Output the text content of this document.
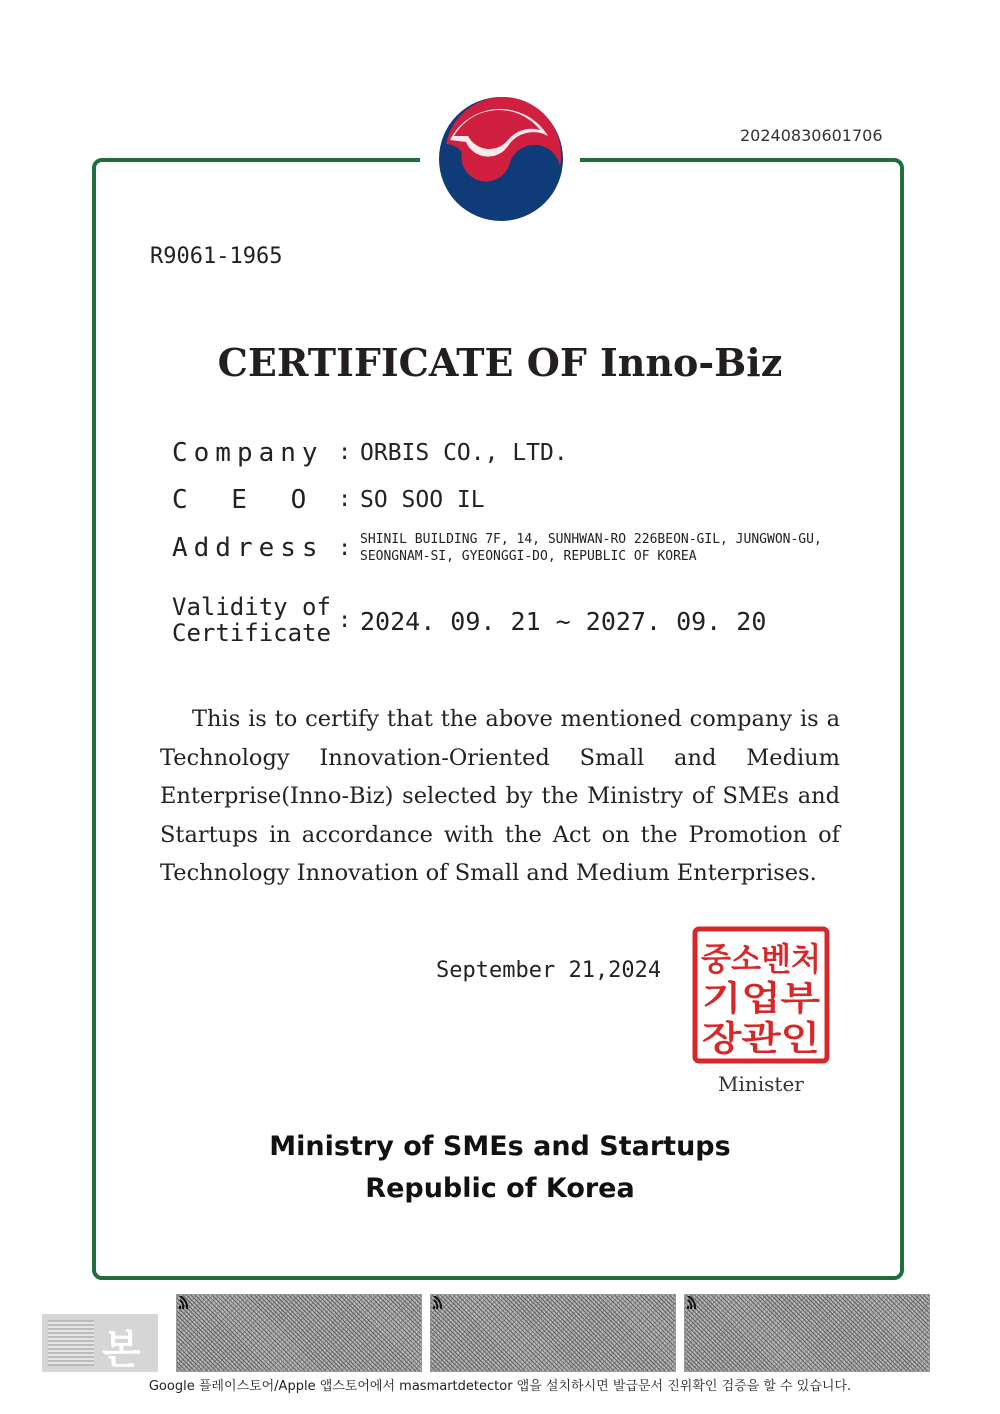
20240830601706
R9061-1965
CERTIFICATE OF Inno-Biz
Company
C E O
Address
Validity of
Certificate
:
:
:
:
ORBIS CO., LTD.
SO SOO IL
SHINIL BUILDING 7F, 14, SUNHWAN-RO 226BEON-GIL, JUNGWON-GU,
SEONGNAM-SI, GYEONGGI-DO, REPUBLIC OF KOREA
2024. 09. 21 ~ 2027. 09. 20
This is to certify that the above mentioned company is a Technology Innovation-Oriented Small and Medium Enterprise(Inno-Biz) selected by the Ministry of SMEs and Startups in accordance with the Act on the Promotion of Technology Innovation of Small and Medium Enterprises.
September 21,2024 중소벤처
기업부
장관인
Minister
Ministry of SMEs and Startups
Republic of Korea
본
Google 플레이스토어/Apple 앱스토어에서 masmartdetector 앱을 설치하시면 발급문서 진위확인 검증을 할 수 있습니다.
